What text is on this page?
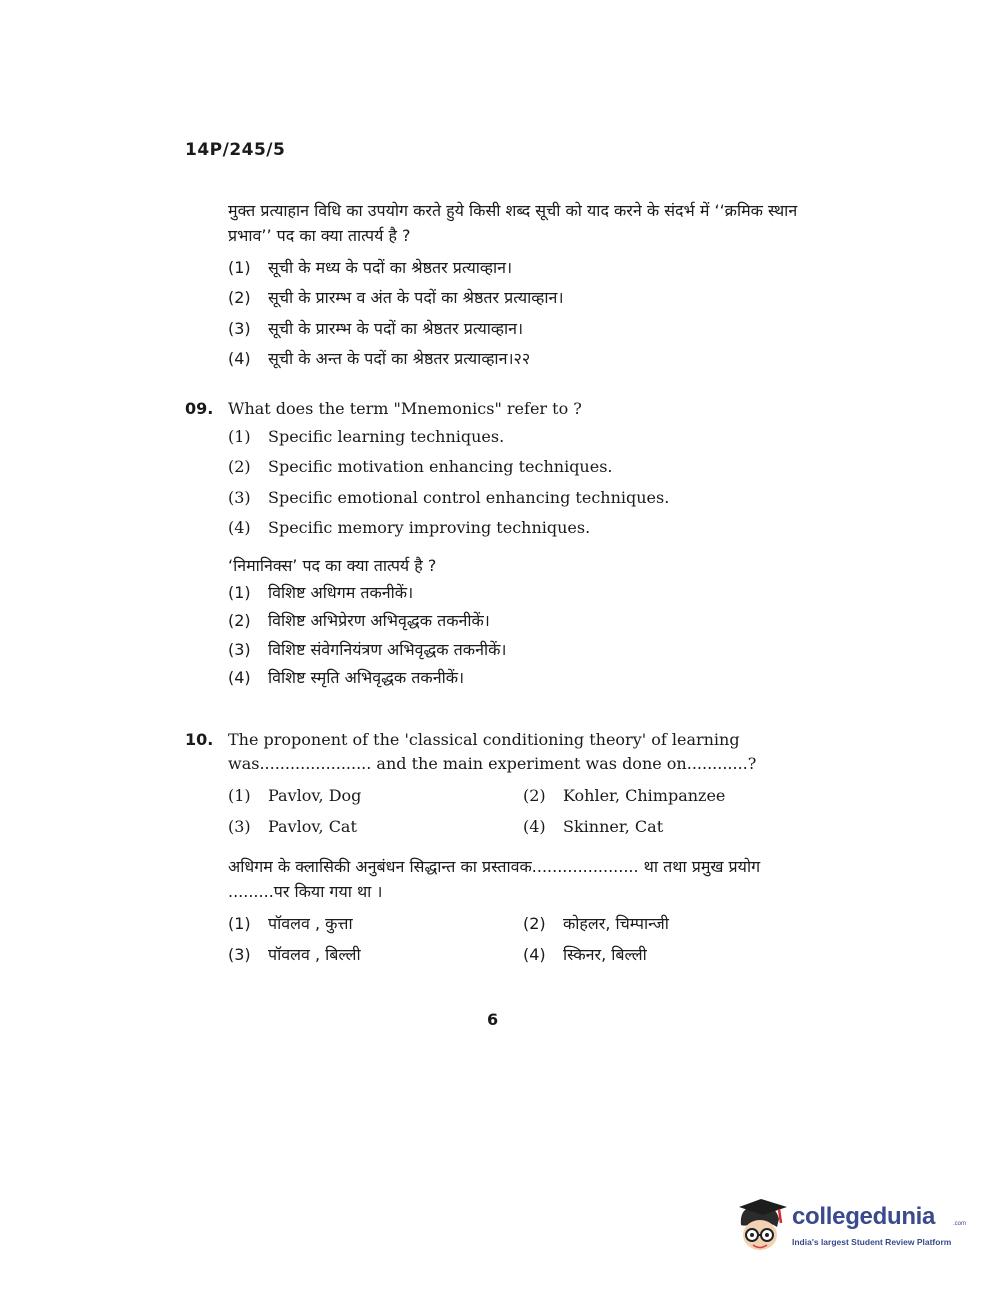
14P/245/5
मुक्त प्रत्याहान विधि का उपयोग करते हुये किसी शब्द सूची को याद करने के संदर्भ में ‘‘क्रमिक स्थान प्रभाव’’ पद का क्या तात्पर्य है ?
(1)	सूची के मध्य के पदों का श्रेष्ठतर प्रत्याव्हान।
(2)	सूची के प्रारम्भ व अंत के पदों का श्रेष्ठतर प्रत्याव्हान।
(3)	सूची के प्रारम्भ के पदों का श्रेष्ठतर प्रत्याव्हान।
(4)	सूची के अन्त के पदों का श्रेष्ठतर प्रत्याव्हान।२२
09. What does the term "Mnemonics" refer to ?
(1)	Specific learning techniques.
(2)	Specific motivation enhancing techniques.
(3)	Specific emotional control enhancing techniques.
(4)	Specific memory improving techniques.
‘निमानिक्स’ पद का क्या तात्पर्य है ?
(1)	विशिष्ट अधिगम तकनीकें।
(2)	विशिष्ट अभिप्रेरण अभिवृद्धक तकनीकें।
(3)	विशिष्ट संवेगनियंत्रण अभिवृद्धक तकनीकें।
(4)	विशिष्ट स्मृति अभिवृद्धक तकनीकें।
10. The proponent of the 'classical conditioning theory' of learning was...................... and the main experiment was done on............?
(1)	Pavlov, Dog	(2)	Kohler, Chimpanzee
(3)	Pavlov, Cat	(4)	Skinner, Cat
अधिगम के क्लासिकी अनुबंधन सिद्धान्त का प्रस्तावक..................... था तथा प्रमुख प्रयोग .........पर किया गया था ।
(1)	पॉवलव , कुत्ता	(2)	कोहलर, चिम्पान्जी
(3)	पॉवलव , बिल्ली	(4)	स्किनर, बिल्ली
6
collegedunia	.com
India's largest Student Review Platform
